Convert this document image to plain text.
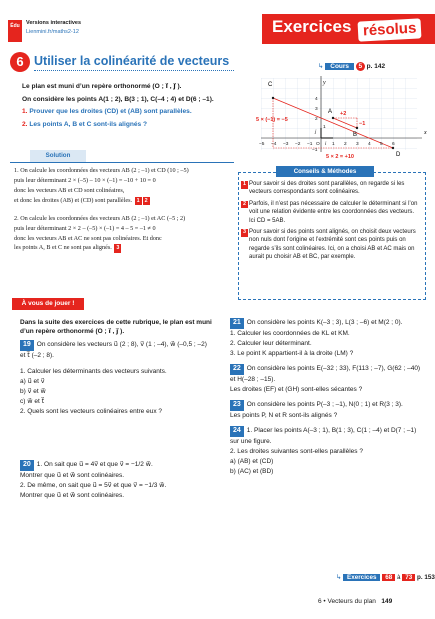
Édu	Versions interactives
Lienmini.fr/maths2-12	Exercices résolus
6 Utiliser la colinéarité de vecteurs	↳ Cours 5 p. 142

Le plan est muni d’un repère orthonormé (O ; i⃗ , j⃗ ).

On considère les points A(1 ; 2), B(3 ; 1), C(–4 ; 4) et D(6 ; –1).

1. Prouver que les droites (CD) et (AB) sont parallèles.

2. Les points A, B et C sont-ils alignés ?

C
A
B
D
y
x
i
j
+2
−1
5 × (−1) = −5
5 × 2 = +10
−5 −4 −3 −2 −1 O	1 2 3 4 5 6
4
3
2
1
−1
Solution
1. On calcule les coordonnées des vecteurs AB (2 ; –1) et CD (10 ; –5)
puis leur déterminant 2 × (–5) – 10 × (–1) = –10 + 10 = 0
donc les vecteurs AB et CD sont colinéaires,
et donc les droites (AB) et (CD) sont parallèles. 1 2
2. On calcule les coordonnées des vecteurs AB (2 ; –1) et AC (–5 ; 2)
puis leur déterminant 2 × 2 – (–5) × (–1) = 4 – 5 = –1 ≠ 0
donc les vecteurs AB et AC ne sont pas colinéaires. Et donc
les points A, B et C ne sont pas alignés. 3
Conseils & Méthodes
1 Pour savoir si des droites sont parallèles, on regarde si les vecteurs correspondants sont colinéaires.
2 Parfois, il n’est pas nécessaire de calculer le déterminant si l’on voit une relation évidente entre les coordonnées des vecteurs. Ici CD = 5AB.
3 Pour savoir si des points sont alignés, on choisit deux vecteurs non nuls dont l’origine et l’extrémité sont ces points puis on regarde s’ils sont colinéaires. Ici, on a choisi AB et AC mais on aurait pu choisir AB et BC, par exemple.
À vous de jouer !
Dans la suite des exercices de cette rubrique, le plan est muni d’un repère orthonormé (O ; i⃗ , j⃗ ).
19 On considère les vecteurs u⃗ (2 ; 8), v⃗ (1 ; –4), w⃗ (–0,5 ; –2)
et t⃗ (–2 ; 8).
1. Calculer les déterminants des vecteurs suivants.
a) u⃗ et v⃗
b) v⃗ et w⃗
c) w⃗ et t⃗
2. Quels sont les vecteurs colinéaires entre eux ?
20 1. On sait que u⃗ = 4v⃗ et que v⃗ = −1/2 w⃗.
Montrer que u⃗ et w⃗ sont colinéaires.
2. De même, on sait que u⃗ = 5v⃗ et que v⃗ = −1/3 w⃗.
Montrer que u⃗ et w⃗ sont colinéaires.
21 On considère les points K(–3 ; 3), L(3 ; –6) et M(2 ; 0).
1. Calculer les coordonnées de KL et KM.
2. Calculer leur déterminant.
3. Le point K appartient-il à la droite (LM) ?
22 On considère les points E(–32 ; 33), F(113 ; –7), G(62 ; –40) et H(–28 ; –15).
Les droites (EF) et (GH) sont-elles sécantes ?
23 On considère les points P(–3 ; –1), N(0 ; 1) et R(3 ; 3).
Les points P, N et R sont-ils alignés ?
24 1. Placer les points A(–3 ; 1), B(1 ; 3), C(1 ; –4) et D(7 ; –1) sur une figure.
2. Les droites suivantes sont-elles parallèles ?
a) (AB) et (CD)
b) (AC) et (BD)
↳ Exercices 68 à 73 p. 153
6 • Vecteurs du plan 149
